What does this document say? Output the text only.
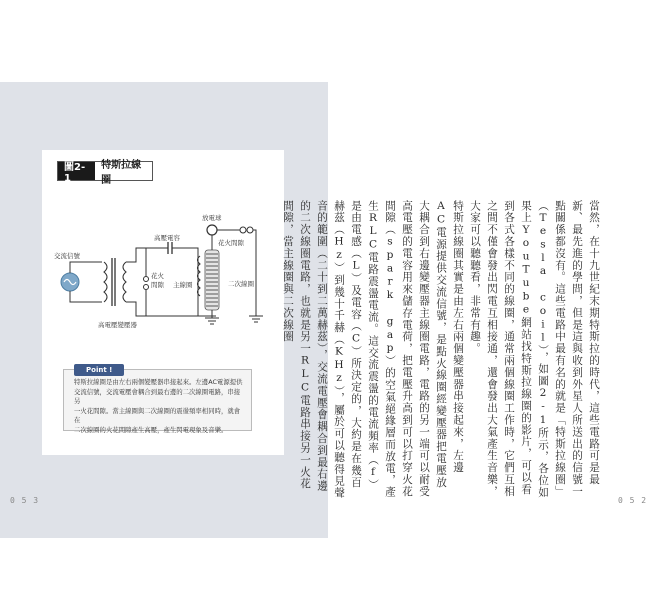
0 5 3	0 5 2
圖2-1
特斯拉線圈
交流信號
高電壓變壓器
高壓電容
花火
間隙 主線圈
放電球
花火間隙
二次線圈

特斯拉線圈是由左右兩個變壓器串接起來。左邊AC電源提供

交流信號，交流電壓會耦合到最右邊的二次線圈電路，串接另

一火花間隙。當主線圈與二次線圈的震盪頻率相同時，就會在

二次線圈的火花間隙產生高壓，產生閃電現象及音樂。

Point !	當然，在十九世紀末期特斯拉的時代，這些電路可是最新、最先進的學問，但是這與收到外星人所送出的信號一點關係都沒有。這些電路中最有名的就是「特斯拉線圈」（Tesla coil），如圖2-1所示，各位如果上YouTube網站找特斯拉線圈的影片，可以看到各式各樣不同的線圈，通常兩個線圈工作時，它們互相之間不僅會發出閃電互相接通，還會發出大氣產生音樂，大家可以聽聽看，非常有趣。

特斯拉線圈其實是由左右兩個變壓器串接起來，左邊AC電源提供交流信號，是點火線圈經變壓器把電壓放大耦合到右邊變壓器主線圈電路，電路的另一端可以耐受高電壓的電容用來儲存電荷，把電壓升高到可以打穿火花間隙（spark gap）的空氣絕緣層而放電，產生RLC電路震盪電流。這交流震盪的電流頻率（f）是由電感（L）及電容（C）所決定的，大約是在幾百赫茲（Hz）到幾十千赫（KHz），屬於可以聽得見聲音的範圍（二十到二萬赫茲），交流電壓會耦合到最右邊的二次線圈電路，也就是另一RLC電路串接另一火花間隙，當主線圈與二次線圈
